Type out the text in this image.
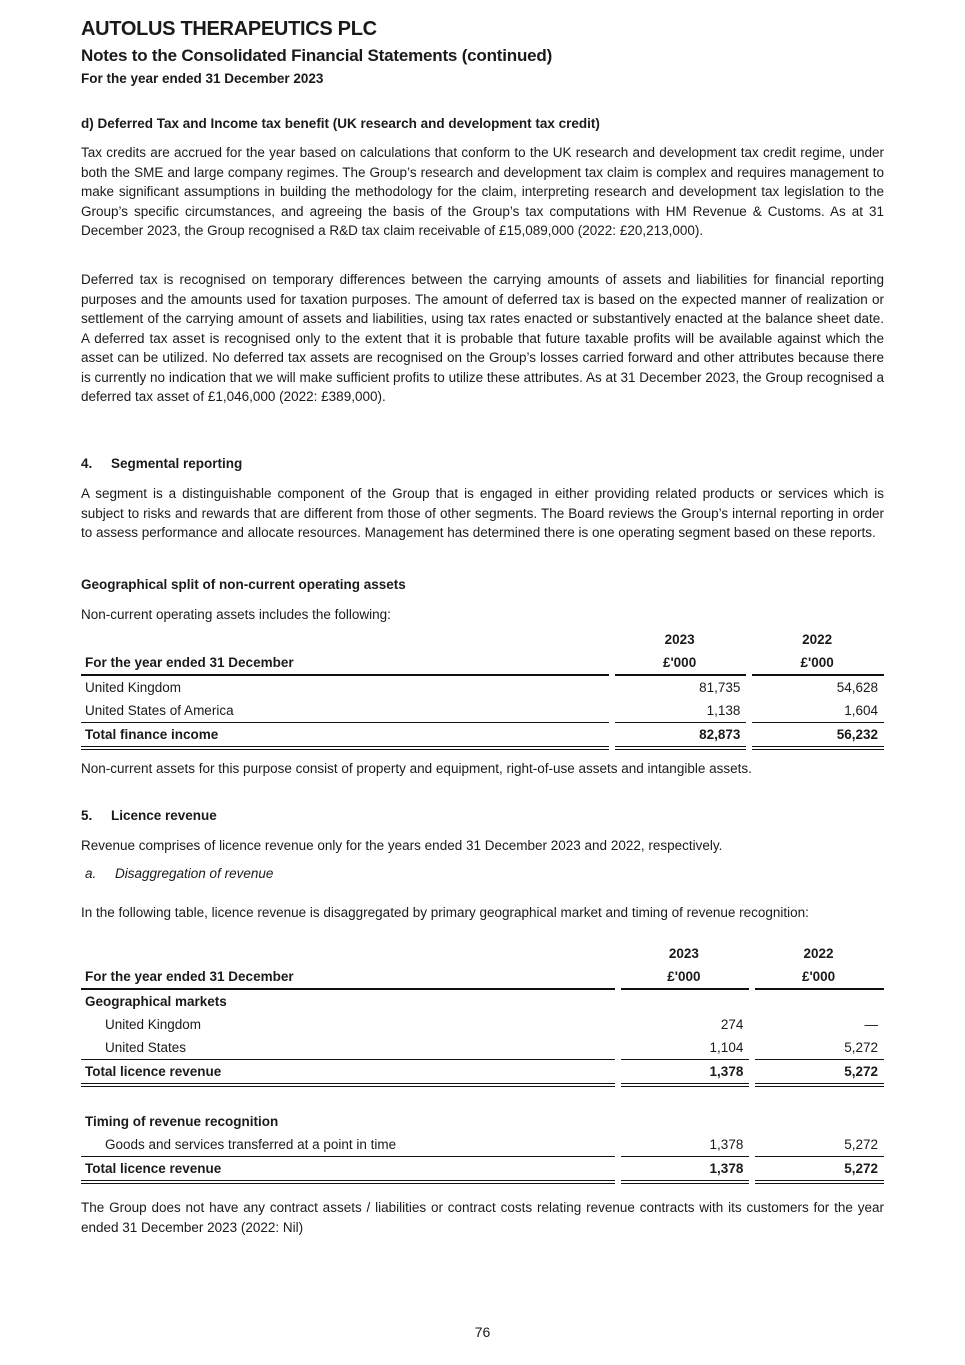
AUTOLUS THERAPEUTICS PLC
Notes to the Consolidated Financial Statements (continued)
For the year ended 31 December 2023
d) Deferred Tax and Income tax benefit (UK research and development tax credit)

Tax credits are accrued for the year based on calculations that conform to the UK research and development tax credit regime, under both the SME and large company regimes. The Group’s research and development tax claim is complex and requires management to make significant assumptions in building the methodology for the claim, interpreting research and development tax legislation to the Group’s specific circumstances, and agreeing the basis of the Group’s tax computations with HM Revenue & Customs. As at 31 December 2023, the Group recognised a R&D tax claim receivable of £15,089,000 (2022: £20,213,000).

Deferred tax is recognised on temporary differences between the carrying amounts of assets and liabilities for financial reporting purposes and the amounts used for taxation purposes. The amount of deferred tax is based on the expected manner of realization or settlement of the carrying amount of assets and liabilities, using tax rates enacted or substantively enacted at the balance sheet date. A deferred tax asset is recognised only to the extent that it is probable that future taxable profits will be available against which the asset can be utilized. No deferred tax assets are recognised on the Group’s losses carried forward and other attributes because there is currently no indication that we will make sufficient profits to utilize these attributes. As at 31 December 2023, the Group recognised a deferred tax asset of £1,046,000 (2022: £389,000).

4. Segmental reporting

A segment is a distinguishable component of the Group that is engaged in either providing related products or services which is subject to risks and rewards that are different from those of other segments. The Board reviews the Group’s internal reporting in order to assess performance and allocate resources. Management has determined there is one operating segment based on these reports.

Geographical split of non-current operating assets

Non-current operating assets includes the following:

		2023		2022
For the year ended 31 December		£'000		£'000
United Kingdom		81,735		54,628
United States of America		1,138		1,604
Total finance income		82,873		56,232

Non-current assets for this purpose consist of property and equipment, right-of-use assets and intangible assets.

5. Licence revenue

Revenue comprises of licence revenue only for the years ended 31 December 2023 and 2022, respectively.

a. Disaggregation of revenue

In the following table, licence revenue is disaggregated by primary geographical market and timing of revenue recognition:

		2023		2022
For the year ended 31 December		£'000		£'000
Geographical markets				
United Kingdom		274		—
United States		1,104		5,272
Total licence revenue		1,378		5,272

Timing of revenue recognition				
Goods and services transferred at a point in time		1,378		5,272
Total licence revenue		1,378		5,272

The Group does not have any contract assets / liabilities or contract costs relating revenue contracts with its customers for the year ended 31 December 2023 (2022: Nil)

76
